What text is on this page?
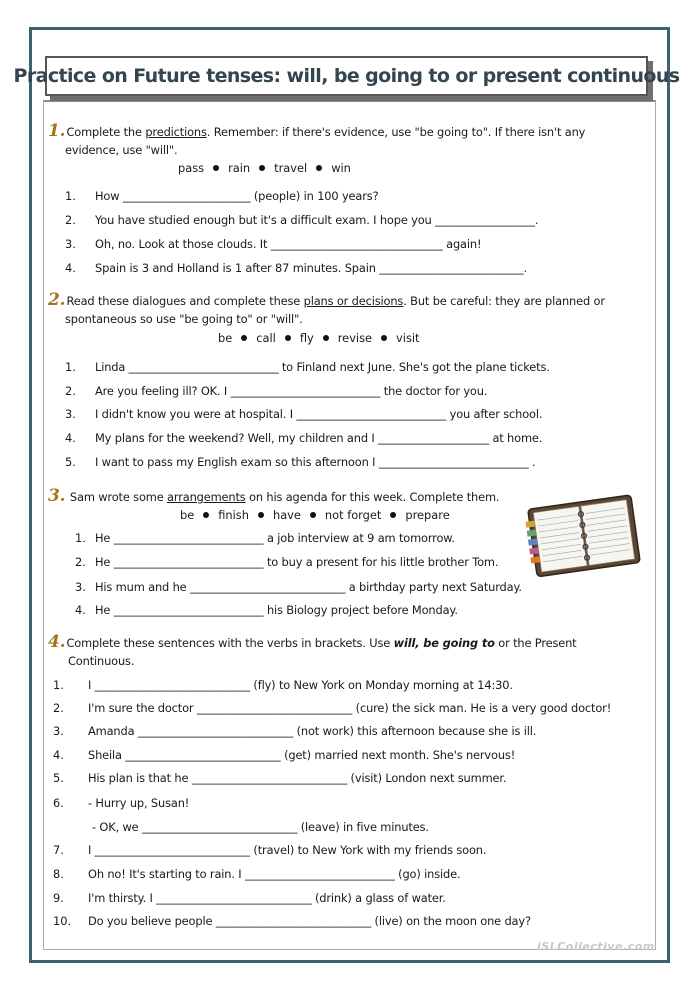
Practice on Future tenses: will, be going to or present continuous
1.Complete the predictions. Remember: if there's evidence, use "be going to". If there isn't any
evidence, use "will".
pass rain travel win
1. How _______________________ (people) in 100 years?
2. You have studied enough but it's a difficult exam. I hope you __________________.
3. Oh, no. Look at those clouds. It _______________________________ again!
4. Spain is 3 and Holland is 1 after 87 minutes. Spain __________________________.
2.Read these dialogues and complete these plans or decisions. But be careful: they are planned or
spontaneous so use "be going to" or "will".
be call fly revise visit
1. Linda ___________________________ to Finland next June. She's got the plane tickets.
2. Are you feeling ill? OK. I ___________________________ the doctor for you.
3. I didn't know you were at hospital. I ___________________________ you after school.
4. My plans for the weekend? Well, my children and I ____________________ at home.
5. I want to pass my English exam so this afternoon I ___________________________ .
3. Sam wrote some arrangements on his agenda for this week. Complete them.
be finish have not forget prepare
1. He ___________________________ a job interview at 9 am tomorrow.
2. He ___________________________ to buy a present for his little brother Tom.
3. His mum and he ____________________________ a birthday party next Saturday.
4. He ___________________________ his Biology project before Monday.
4.Complete these sentences with the verbs in brackets. Use will, be going to or the Present
Continuous.
1. I ____________________________ (fly) to New York on Monday morning at 14:30.
2. I'm sure the doctor ____________________________ (cure) the sick man. He is a very good doctor!
3. Amanda ____________________________ (not work) this afternoon because she is ill.
4. Sheila ____________________________ (get) married next month. She's nervous!
5. His plan is that he ____________________________ (visit) London next summer.
6. - Hurry up, Susan!
- OK, we ____________________________ (leave) in five minutes.
7. I ____________________________ (travel) to New York with my friends soon.
8. Oh no! It's starting to rain. I ___________________________ (go) inside.
9. I'm thirsty. I ____________________________ (drink) a glass of water.
10. Do you believe people ____________________________ (live) on the moon one day?
iSLCollective.com
